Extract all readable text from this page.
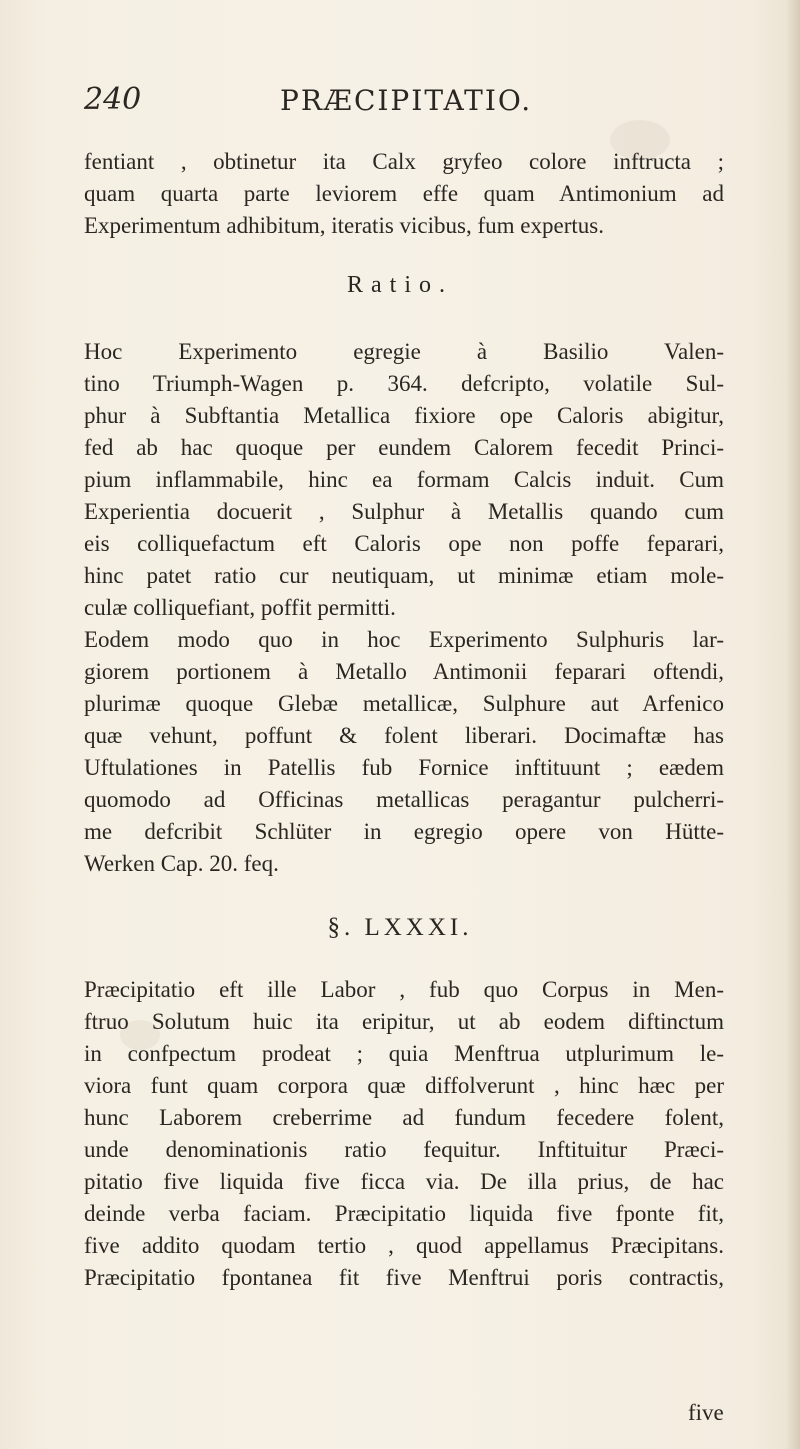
240	PRÆCIPITATIO.
fentiant , obtinetur ita Calx gryfeo colore inftructa ;
quam quarta parte leviorem effe quam Antimonium ad
Experimentum adhibitum, iteratis vicibus, fum expertus.
Ratio.
Hoc Experimento egregie à Basilio Valen-
tino Triumph-Wagen p. 364. defcripto, volatile Sul-
phur à Subftantia Metallica fixiore ope Caloris abigitur,
fed ab hac quoque per eundem Calorem fecedit Princi-
pium inflammabile, hinc ea formam Calcis induit. Cum
Experientia docuerit , Sulphur à Metallis quando cum
eis colliquefactum eft Caloris ope non poffe feparari,
hinc patet ratio cur neutiquam, ut minimæ etiam mole-
culæ colliquefiant, poffit permitti.
Eodem modo quo in hoc Experimento Sulphuris lar-
giorem portionem à Metallo Antimonii feparari oftendi,
plurimæ quoque Glebæ metallicæ, Sulphure aut Arfenico
quæ vehunt, poffunt & folent liberari. Docimaftæ has
Uftulationes in Patellis fub Fornice inftituunt ; eædem
quomodo ad Officinas metallicas peragantur pulcherri-
me defcribit Schlüter in egregio opere von Hütte-
Werken Cap. 20. feq.
§. LXXXI.
Præcipitatio eft ille Labor , fub quo Corpus in Men-
ftruo Solutum huic ita eripitur, ut ab eodem diftinctum
in confpectum prodeat ; quia Menftrua utplurimum le-
viora funt quam corpora quæ diffolverunt , hinc hæc per
hunc Laborem creberrime ad fundum fecedere folent,
unde denominationis ratio fequitur. Inftituitur Præci-
pitatio five liquida five ficca via. De illa prius, de hac
deinde verba faciam. Præcipitatio liquida five fponte fit,
five addito quodam tertio , quod appellamus Præcipitans.
Præcipitatio fpontanea fit five Menftrui poris contractis,
five
